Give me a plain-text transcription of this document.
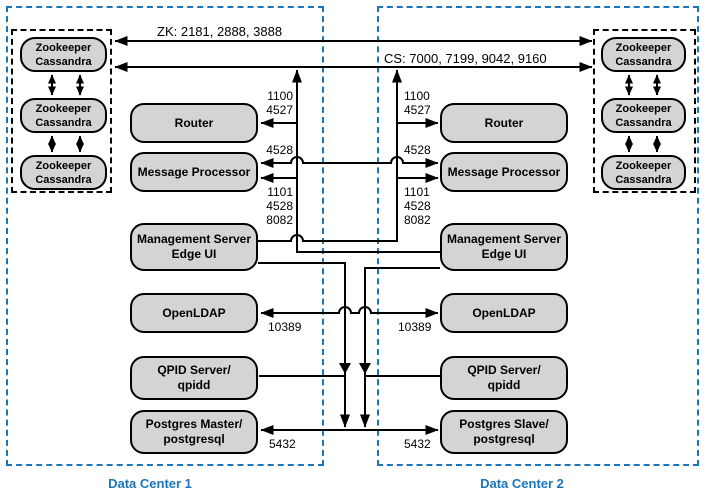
Zookeeper
Cassandra
Zookeeper
Cassandra
Zookeeper
Cassandra
Zookeeper
Cassandra
Zookeeper
Cassandra
Zookeeper
Cassandra
Router
Message Processor
Management Server
Edge UI
OpenLDAP
QPID Server/
qpidd
Postgres Master/
postgresql
Router
Message Processor
Management Server
Edge UI
OpenLDAP
QPID Server/
qpidd
Postgres Slave/
postgresql
ZK: 2181, 2888, 3888
CS: 7000, 7199, 9042, 9160
1100
4527
4528
1101
4528
8082
10389
5432
1100
4527
4528
1101
4528
8082
10389
5432
Data Center 1	Data Center 2
